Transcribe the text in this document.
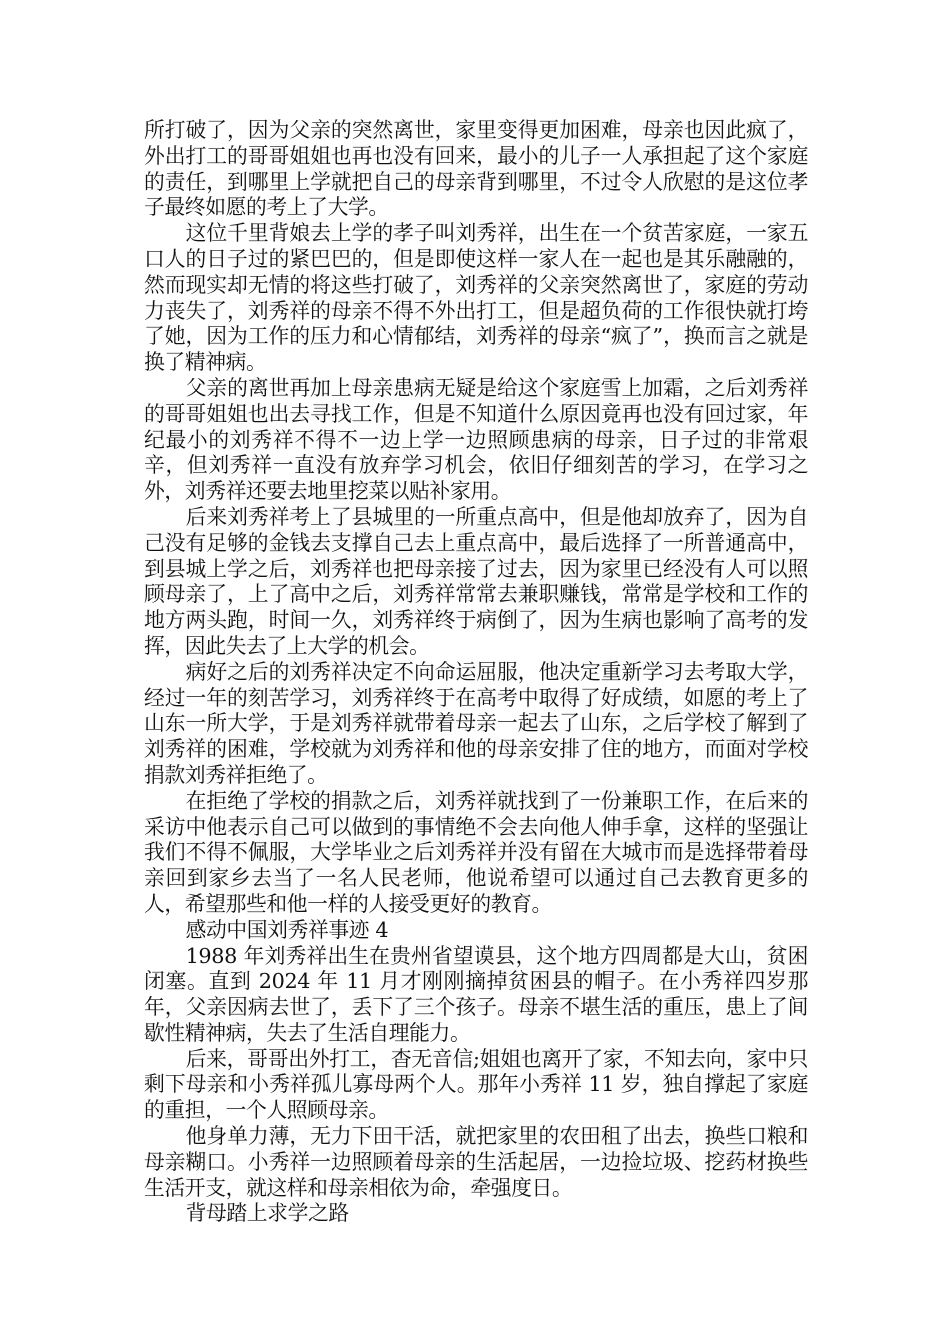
所打破了，因为父亲的突然离世，家里变得更加困难，母亲也因此疯了，外出打工的哥哥姐姐也再也没有回来，最小的儿子一人承担起了这个家庭的责任，到哪里上学就把自己的母亲背到哪里，不过令人欣慰的是这位孝子最终如愿的考上了大学。

这位千里背娘去上学的孝子叫刘秀祥，出生在一个贫苦家庭，一家五口人的日子过的紧巴巴的，但是即使这样一家人在一起也是其乐融融的，然而现实却无情的将这些打破了，刘秀祥的父亲突然离世了，家庭的劳动力丧失了，刘秀祥的母亲不得不外出打工，但是超负荷的工作很快就打垮了她，因为工作的压力和心情郁结，刘秀祥的母亲“疯了”，换而言之就是换了精神病。

父亲的离世再加上母亲患病无疑是给这个家庭雪上加霜，之后刘秀祥的哥哥姐姐也出去寻找工作，但是不知道什么原因竟再也没有回过家，年纪最小的刘秀祥不得不一边上学一边照顾患病的母亲，日子过的非常艰辛，但刘秀祥一直没有放弃学习机会，依旧仔细刻苦的学习，在学习之外，刘秀祥还要去地里挖菜以贴补家用。

后来刘秀祥考上了县城里的一所重点高中，但是他却放弃了，因为自己没有足够的金钱去支撑自己去上重点高中，最后选择了一所普通高中，到县城上学之后，刘秀祥也把母亲接了过去，因为家里已经没有人可以照顾母亲了，上了高中之后，刘秀祥常常去兼职赚钱，常常是学校和工作的地方两头跑，时间一久，刘秀祥终于病倒了，因为生病也影响了高考的发挥，因此失去了上大学的机会。

病好之后的刘秀祥决定不向命运屈服，他决定重新学习去考取大学，经过一年的刻苦学习，刘秀祥终于在高考中取得了好成绩，如愿的考上了山东一所大学，于是刘秀祥就带着母亲一起去了山东，之后学校了解到了刘秀祥的困难，学校就为刘秀祥和他的母亲安排了住的地方，而面对学校捐款刘秀祥拒绝了。

在拒绝了学校的捐款之后，刘秀祥就找到了一份兼职工作，在后来的采访中他表示自己可以做到的事情绝不会去向他人伸手拿，这样的坚强让我们不得不佩服，大学毕业之后刘秀祥并没有留在大城市而是选择带着母亲回到家乡去当了一名人民老师，他说希望可以通过自己去教育更多的人，希望那些和他一样的人接受更好的教育。

感动中国刘秀祥事迹 4

1988 年刘秀祥出生在贵州省望谟县，这个地方四周都是大山，贫困闭塞。直到 2024 年 11 月才刚刚摘掉贫困县的帽子。在小秀祥四岁那年，父亲因病去世了，丢下了三个孩子。母亲不堪生活的重压，患上了间歇性精神病，失去了生活自理能力。

后来，哥哥出外打工，杳无音信;姐姐也离开了家，不知去向，家中只剩下母亲和小秀祥孤儿寡母两个人。那年小秀祥 11 岁，独自撑起了家庭的重担，一个人照顾母亲。

他身单力薄，无力下田干活，就把家里的农田租了出去，换些口粮和母亲糊口。小秀祥一边照顾着母亲的生活起居，一边捡垃圾、挖药材换些生活开支，就这样和母亲相依为命，牵强度日。

背母踏上求学之路
